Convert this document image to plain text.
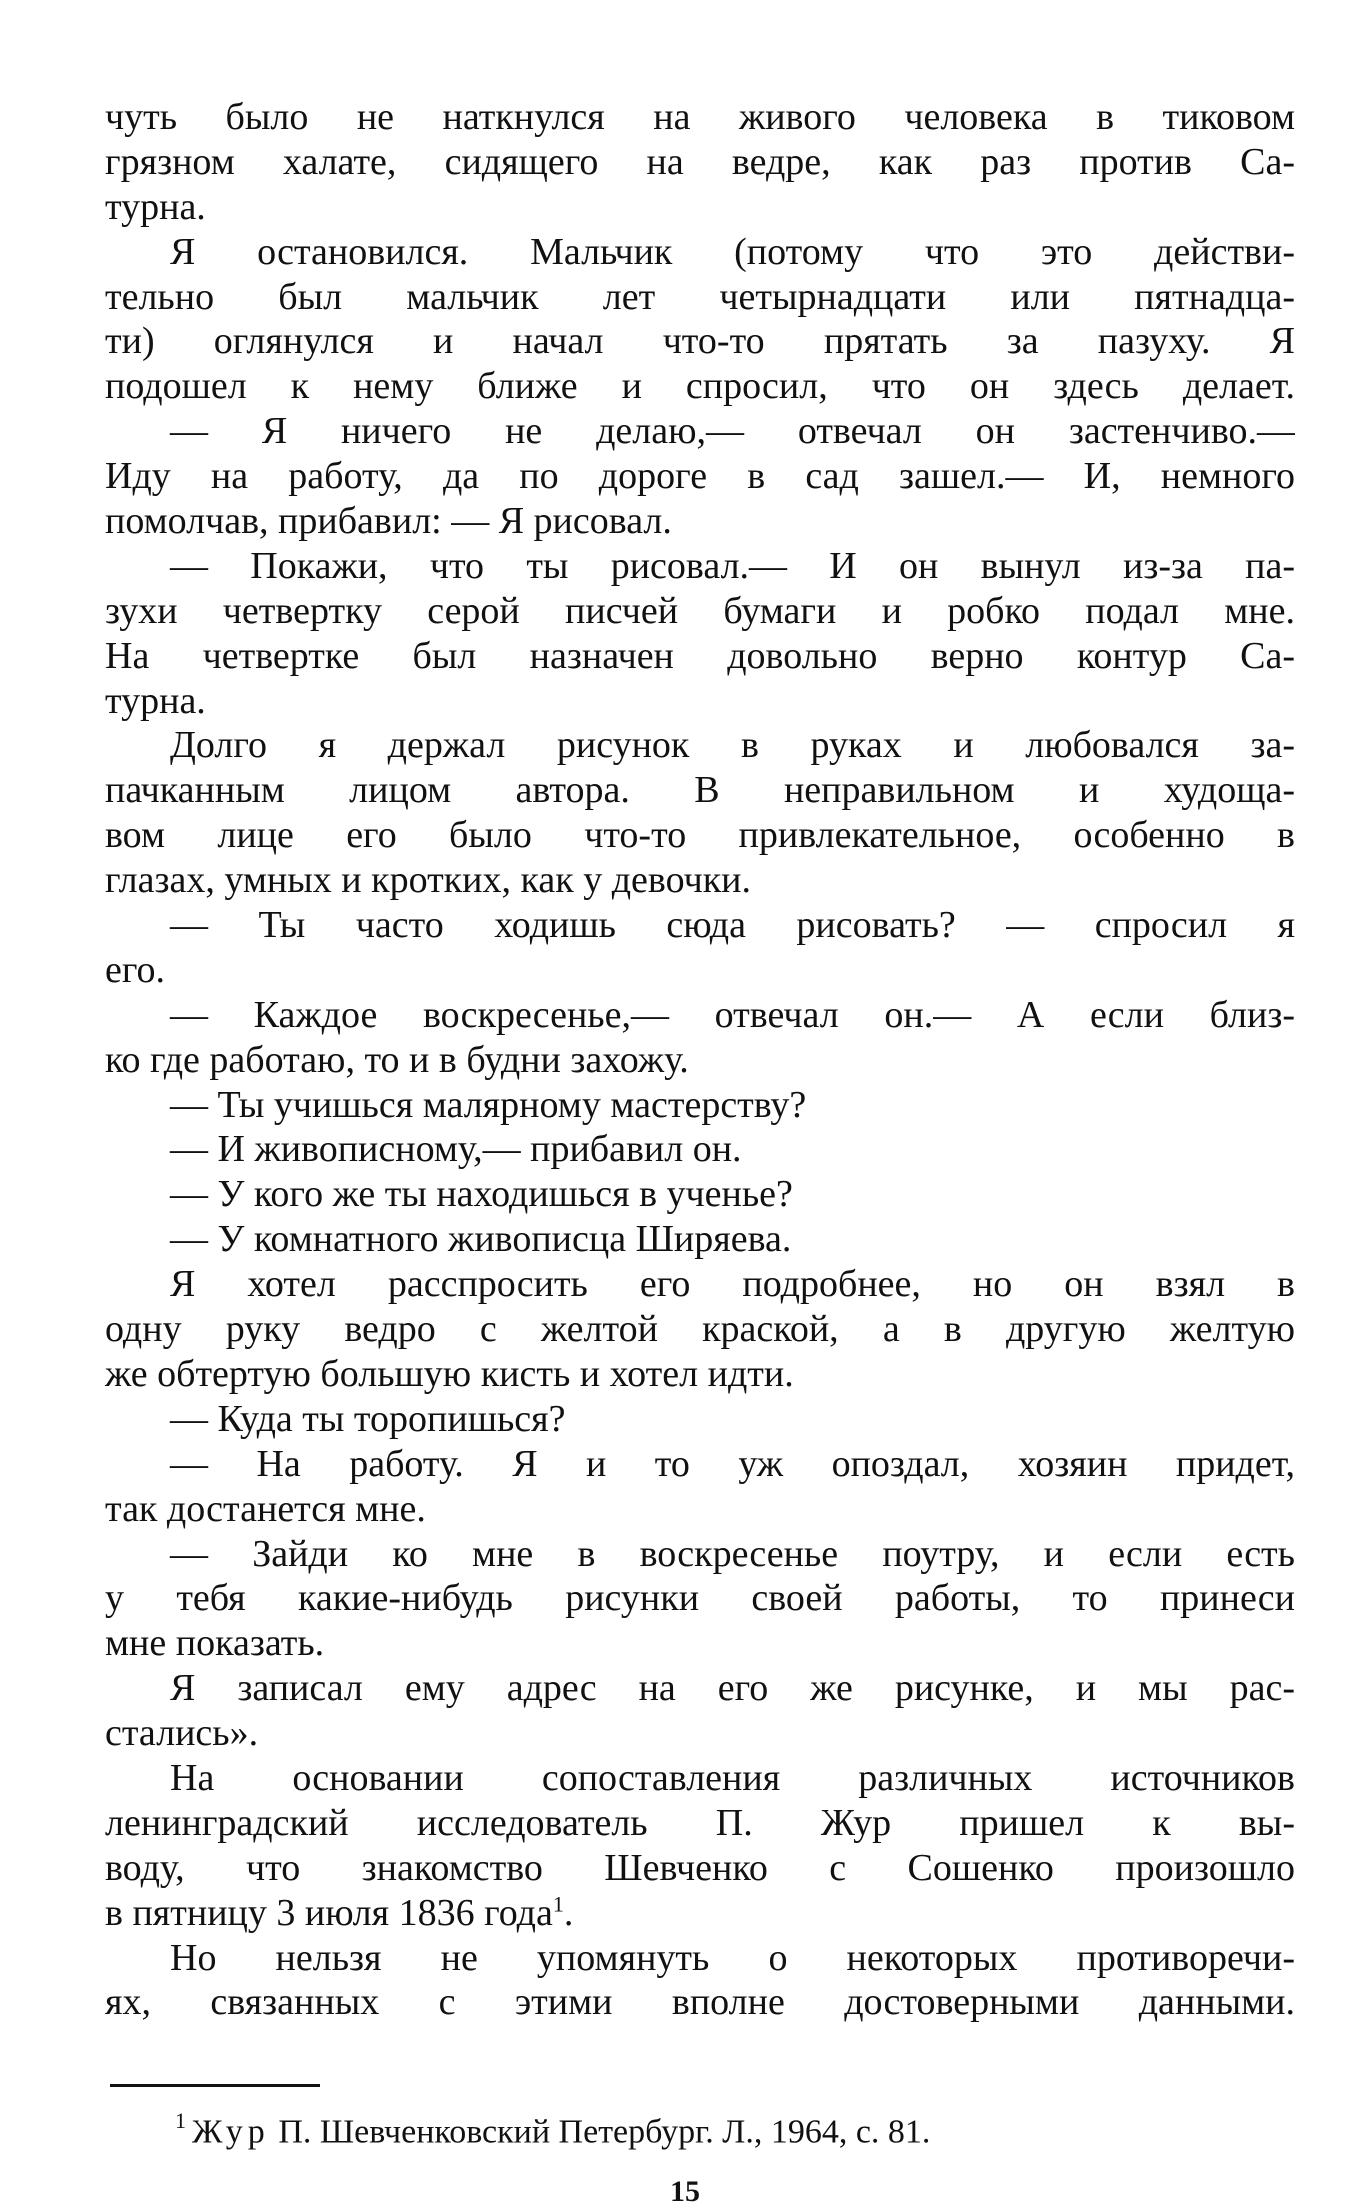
чуть было не наткнулся на живого человека в тиковом
грязном халате, сидящего на ведре, как раз против Са-
турна.
Я остановился. Мальчик (потому что это действи-
тельно был мальчик лет четырнадцати или пятнадца-
ти) оглянулся и начал что-то прятать за пазуху. Я
подошел к нему ближе и спросил, что он здесь делает.
— Я ничего не делаю,— отвечал он застенчиво.—
Иду на работу, да по дороге в сад зашел.— И, немного
помолчав, прибавил: — Я рисовал.
— Покажи, что ты рисовал.— И он вынул из-за па-
зухи четвертку серой писчей бумаги и робко подал мне.
На четвертке был назначен довольно верно контур Са-
турна.
Долго я держал рисунок в руках и любовался за-
пачканным лицом автора. В неправильном и худоща-
вом лице его было что-то привлекательное, особенно в
глазах, умных и кротких, как у девочки.
— Ты часто ходишь сюда рисовать? — спросил я
его.
— Каждое воскресенье,— отвечал он.— А если близ-
ко где работаю, то и в будни захожу.
— Ты учишься малярному мастерству?
— И живописному,— прибавил он.
— У кого же ты находишься в ученье?
— У комнатного живописца Ширяева.
Я хотел расспросить его подробнее, но он взял в
одну руку ведро с желтой краской, а в другую желтую
же обтертую большую кисть и хотел идти.
— Куда ты торопишься?
— На работу. Я и то уж опоздал, хозяин придет,
так достанется мне.
— Зайди ко мне в воскресенье поутру, и если есть
у тебя какие-нибудь рисунки своей работы, то принеси
мне показать.
Я записал ему адрес на его же рисунке, и мы рас-
стались».
На основании сопоставления различных источников
ленинградский исследователь П. Жур пришел к вы-
воду, что знакомство Шевченко с Сошенко произошло
в пятницу 3 июля 1836 года$^1$.
Но нельзя не упомянуть о некоторых противоречи-
ях, связанных с этими вполне достоверными данными.
$^1$ Жур П. Шевченковский Петербург. Л., 1964, с. 81.
15
